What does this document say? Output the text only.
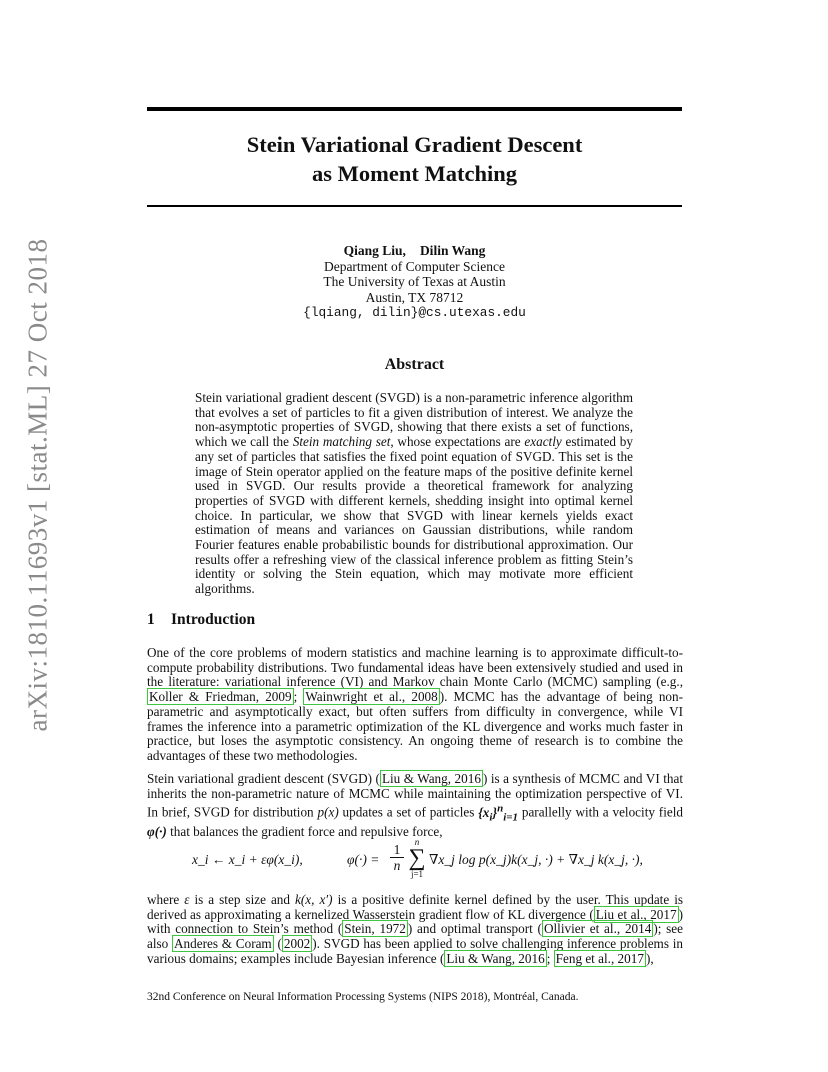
arXiv:1810.11693v1 [stat.ML] 27 Oct 2018
Stein Variational Gradient Descent
as Moment Matching
Qiang Liu, Dilin Wang
Department of Computer Science
The University of Texas at Austin
Austin, TX 78712
{lqiang, dilin}@cs.utexas.edu
Abstract
Stein variational gradient descent (SVGD) is a non-parametric inference algorithm that evolves a set of particles to fit a given distribution of interest. We analyze the non-asymptotic properties of SVGD, showing that there exists a set of functions, which we call the Stein matching set, whose expectations are exactly estimated by any set of particles that satisfies the fixed point equation of SVGD. This set is the image of Stein operator applied on the feature maps of the positive definite kernel used in SVGD. Our results provide a theoretical framework for analyzing properties of SVGD with different kernels, shedding insight into optimal kernel choice. In particular, we show that SVGD with linear kernels yields exact estimation of means and variances on Gaussian distributions, while random Fourier features enable probabilistic bounds for distributional approximation. Our results offer a refreshing view of the classical inference problem as fitting Stein’s identity or solving the Stein equation, which may motivate more efficient algorithms.
1 Introduction
One of the core problems of modern statistics and machine learning is to approximate difficult-to-compute probability distributions. Two fundamental ideas have been extensively studied and used in the literature: variational inference (VI) and Markov chain Monte Carlo (MCMC) sampling (e.g., Koller & Friedman, 2009 ; Wainwright et al., 2008 ). MCMC has the advantage of being non-parametric and asymptotically exact, but often suffers from difficulty in convergence, while VI frames the inference into a parametric optimization of the KL divergence and works much faster in practice, but loses the asymptotic consistency. An ongoing theme of research is to combine the advantages of these two methodologies.
Stein variational gradient descent (SVGD) ( Liu & Wang, 2016 ) is a synthesis of MCMC and VI that inherits the non-parametric nature of MCMC while maintaining the optimization perspective of VI. In brief, SVGD for distribution p(x) updates a set of particles $\{x_i\}^n_{i=1}$ parallelly with a velocity field φ(·) that balances the gradient force and repulsive force,
x_i ← x_i + εφ(x_i),	$\varphi(\cdot) = \frac{1}{n}$
n
∑
j=1
∇x_j log p(x_j)k(x_j, ·) + ∇x_j k(x_j, ·),
where ε is a step size and k(x, x′) is a positive definite kernel defined by the user. This update is derived as approximating a kernelized Wasserstein gradient flow of KL divergence ( Liu et al., 2017 ) with connection to Stein’s method ( Stein, 1972 ) and optimal transport ( Ollivier et al., 2014 ); see also Anderes & Coram ( 2002 ). SVGD has been applied to solve challenging inference problems in various domains; examples include Bayesian inference ( Liu & Wang, 2016 ; Feng et al., 2017 ),
32nd Conference on Neural Information Processing Systems (NIPS 2018), Montréal, Canada.
